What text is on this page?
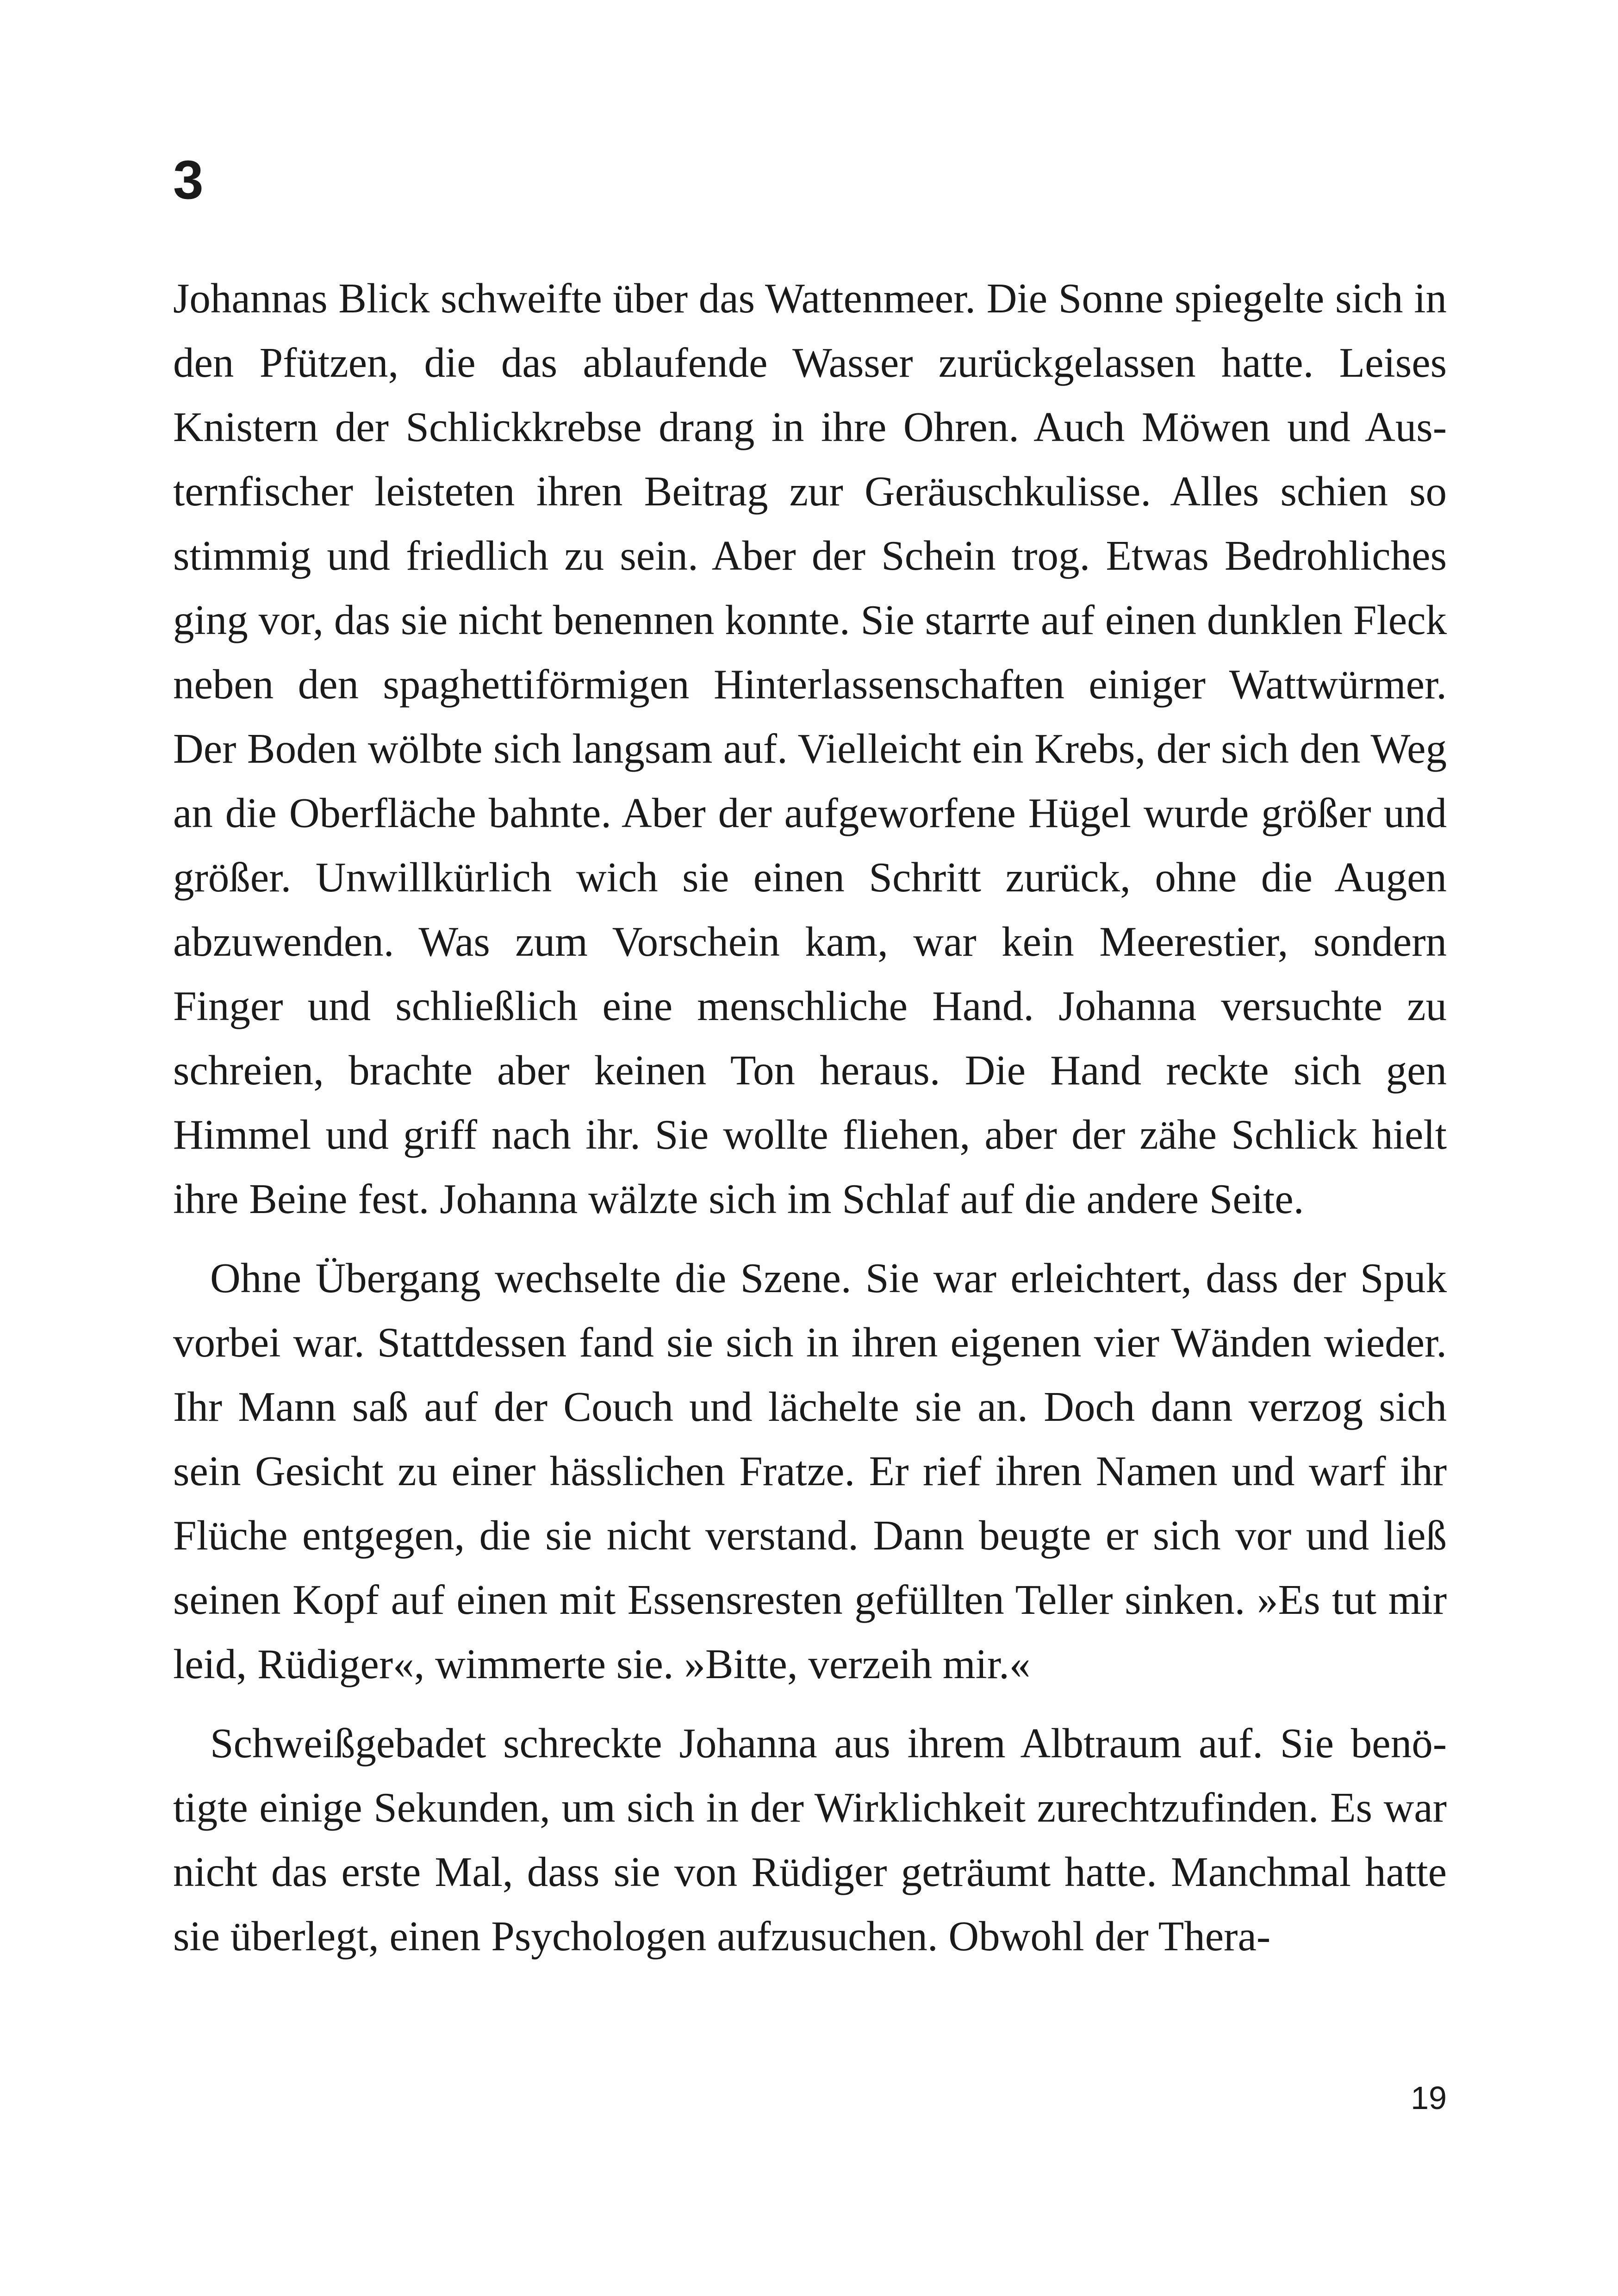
3

Johannas Blick schweifte über das Wattenmeer. Die Sonne spiegelte sich in den Pfützen, die das ablaufende Wasser zurückgelassen hatte. Leises Knistern der Schlickkrebse drang in ihre Ohren. Auch Möwen und Austernfischer leisteten ihren Beitrag zur Geräuschkulisse. Alles schien so stimmig und friedlich zu sein. Aber der Schein trog. Etwas Bedrohliches ging vor, das sie nicht benennen konnte. Sie starrte auf einen dunklen Fleck neben den spaghettiförmigen Hinterlassenschaften einiger Wattwürmer. Der Boden wölbte sich langsam auf. Vielleicht ein Krebs, der sich den Weg an die Oberfläche bahnte. Aber der aufgeworfene Hügel wurde größer und größer. Unwillkürlich wich sie einen Schritt zurück, ohne die Augen abzuwenden. Was zum Vorschein kam, war kein Meerestier, sondern Finger und schließlich eine menschliche Hand. Johanna versuchte zu schreien, brachte aber keinen Ton heraus. Die Hand reckte sich gen Himmel und griff nach ihr. Sie wollte fliehen, aber der zähe Schlick hielt ihre Beine fest. Johanna wälzte sich im Schlaf auf die andere Seite.

Ohne Übergang wechselte die Szene. Sie war erleichtert, dass der Spuk vorbei war. Stattdessen fand sie sich in ihren eigenen vier Wänden wieder. Ihr Mann saß auf der Couch und lächelte sie an. Doch dann verzog sich sein Gesicht zu einer hässlichen Fratze. Er rief ihren Namen und warf ihr Flüche entgegen, die sie nicht verstand. Dann beugte er sich vor und ließ seinen Kopf auf einen mit Essensresten gefüllten Teller sinken. »Es tut mir leid, Rüdiger«, wimmerte sie. »Bitte, verzeih mir.«

Schweißgebadet schreckte Johanna aus ihrem Albtraum auf. Sie benötigte einige Sekunden, um sich in der Wirklichkeit zurechtzufinden. Es war nicht das erste Mal, dass sie von Rüdiger geträumt hatte. Manchmal hatte sie überlegt, einen Psychologen aufzusuchen. Obwohl der Thera-

19
